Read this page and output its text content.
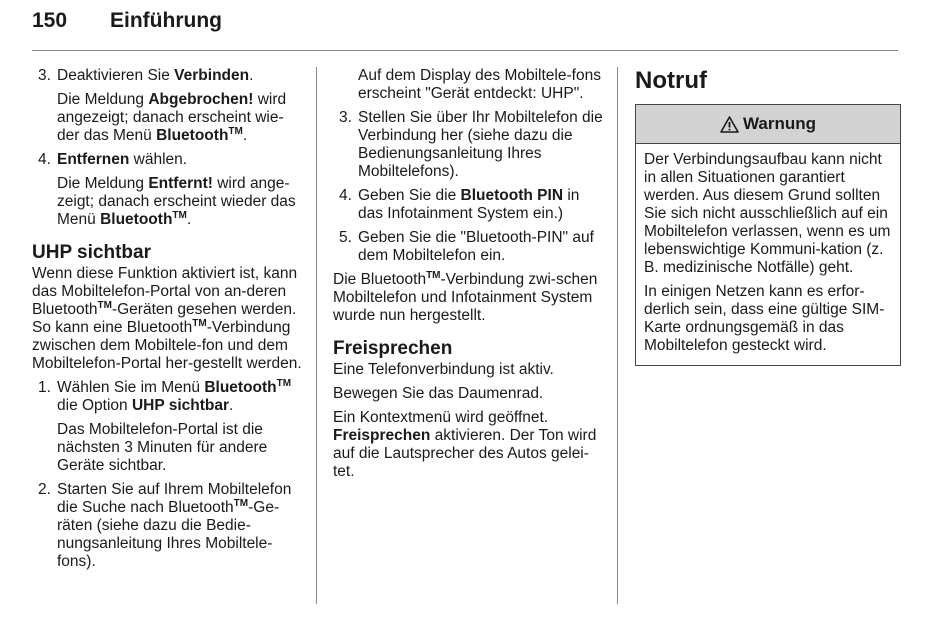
150	Einführung
3. Deaktivieren Sie Verbinden.
Die Meldung Abgebrochen! wird angezeigt; danach erscheint wie-der das Menü Bluetooth™.
4. Entfernen wählen.
Die Meldung Entfernt! wird ange-zeigt; danach erscheint wieder das Menü Bluetooth™.
UHP sichtbar

Wenn diese Funktion aktiviert ist, kann das Mobiltelefon-Portal von an-deren Bluetooth™-Geräten gesehen werden. So kann eine Bluetooth™-Verbindung zwischen dem Mobiltele-fon und dem Mobiltelefon-Portal her-gestellt werden.

1. Wählen Sie im Menü Bluetooth™ die Option UHP sichtbar.
Das Mobiltelefon-Portal ist die nächsten 3 Minuten für andere Geräte sichtbar.
2. Starten Sie auf Ihrem Mobiltelefon die Suche nach Bluetooth™-Ge-räten (siehe dazu die Bedie-nungsanleitung Ihres Mobiltele-fons).
Auf dem Display des Mobiltele-fons erscheint "Gerät entdeckt: UHP".
3. Stellen Sie über Ihr Mobiltelefon die Verbindung her (siehe dazu die Bedienungsanleitung Ihres Mobiltelefons).
4. Geben Sie die Bluetooth PIN in das Infotainment System ein.)
5. Geben Sie die "Bluetooth-PIN" auf dem Mobiltelefon ein.

Die Bluetooth™-Verbindung zwi-schen Mobiltelefon und Infotainment System wurde nun hergestellt.

Freisprechen

Eine Telefonverbindung ist aktiv.

Bewegen Sie das Daumenrad.

Ein Kontextmenü wird geöffnet.

Freisprechen aktivieren. Der Ton wird auf die Lautsprecher des Autos gelei-tet.

Notruf
Warnung

Der Verbindungsaufbau kann nicht in allen Situationen garantiert werden. Aus diesem Grund sollten Sie sich nicht ausschließlich auf ein Mobiltelefon verlassen, wenn es um lebenswichtige Kommuni-kation (z. B. medizinische Notfälle) geht.

In einigen Netzen kann es erfor-derlich sein, dass eine gültige SIM-Karte ordnungsgemäß in das Mobiltelefon gesteckt wird.
